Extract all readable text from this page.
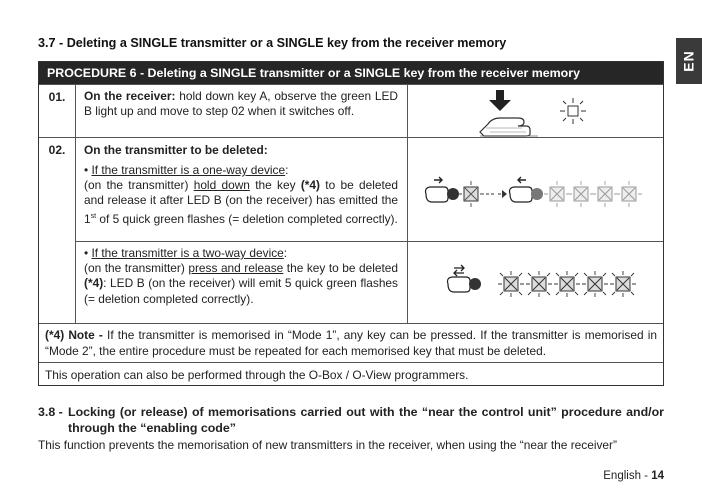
EN
3.7 - Deleting a SINGLE transmitter or a SINGLE key from the receiver memory
PROCEDURE 6 - Deleting a SINGLE transmitter or a SINGLE key from the receiver memory
01.	On the receiver: hold down key A, observe the green LED B light up and move to step 02 when it switches off.
02.	On the transmitter to be deleted:
• If the transmitter is a one-way device:
(on the transmitter) hold down the key (*4) to be deleted and release it after LED B (on the receiver) has emitted the 1st of 5 quick green flashes (= deletion completed correctly).
• If the transmitter is a two-way device:
(on the transmitter) press and release the key to be deleted (*4): LED B (on the receiver) will emit 5 quick green flashes (= deletion completed correctly).
(*4) Note - If the transmitter is memorised in “Mode 1”, any key can be pressed. If the transmitter is memorised in “Mode 2”, the entire procedure must be repeated for each memorised key that must be deleted.
This operation can also be performed through the O-Box / O-View programmers.
3.8 - Locking (or release) of memorisations carried out with the “near the control unit” procedure and/or through the “enabling code”
This function prevents the memorisation of new transmitters in the receiver, when using the “near the receiver”
English - 14
